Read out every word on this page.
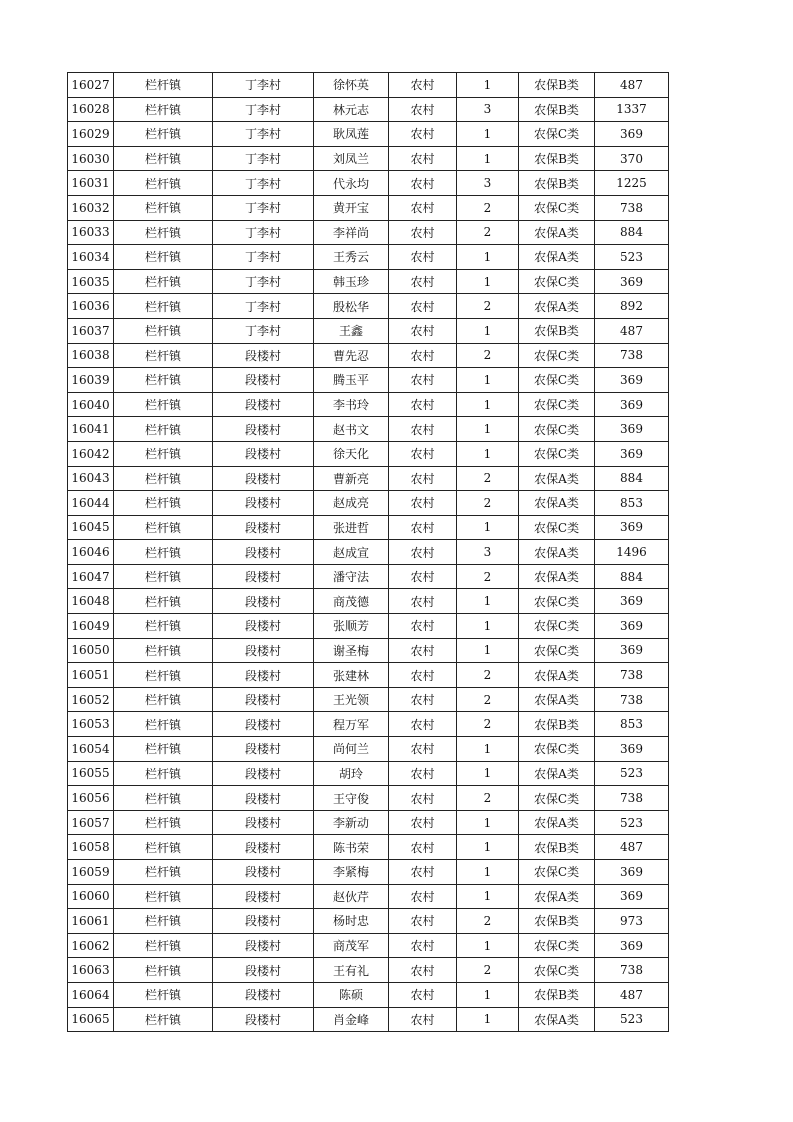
16027	栏杆镇	丁李村	徐怀英	农村	1	农保B类	487
16028	栏杆镇	丁李村	林元志	农村	3	农保B类	1337
16029	栏杆镇	丁李村	耿凤莲	农村	1	农保C类	369
16030	栏杆镇	丁李村	刘凤兰	农村	1	农保B类	370
16031	栏杆镇	丁李村	代永均	农村	3	农保B类	1225
16032	栏杆镇	丁李村	黄开宝	农村	2	农保C类	738
16033	栏杆镇	丁李村	李祥尚	农村	2	农保A类	884
16034	栏杆镇	丁李村	王秀云	农村	1	农保A类	523
16035	栏杆镇	丁李村	韩玉珍	农村	1	农保C类	369
16036	栏杆镇	丁李村	殷松华	农村	2	农保A类	892
16037	栏杆镇	丁李村	王鑫	农村	1	农保B类	487
16038	栏杆镇	段楼村	曹先忍	农村	2	农保C类	738
16039	栏杆镇	段楼村	腾玉平	农村	1	农保C类	369
16040	栏杆镇	段楼村	李书玲	农村	1	农保C类	369
16041	栏杆镇	段楼村	赵书文	农村	1	农保C类	369
16042	栏杆镇	段楼村	徐天化	农村	1	农保C类	369
16043	栏杆镇	段楼村	曹新亮	农村	2	农保A类	884
16044	栏杆镇	段楼村	赵成亮	农村	2	农保A类	853
16045	栏杆镇	段楼村	张进哲	农村	1	农保C类	369
16046	栏杆镇	段楼村	赵成宣	农村	3	农保A类	1496
16047	栏杆镇	段楼村	潘守法	农村	2	农保A类	884
16048	栏杆镇	段楼村	商茂德	农村	1	农保C类	369
16049	栏杆镇	段楼村	张顺芳	农村	1	农保C类	369
16050	栏杆镇	段楼村	谢圣梅	农村	1	农保C类	369
16051	栏杆镇	段楼村	张建林	农村	2	农保A类	738
16052	栏杆镇	段楼村	王光领	农村	2	农保A类	738
16053	栏杆镇	段楼村	程万军	农村	2	农保B类	853
16054	栏杆镇	段楼村	尚何兰	农村	1	农保C类	369
16055	栏杆镇	段楼村	胡玲	农村	1	农保A类	523
16056	栏杆镇	段楼村	王守俊	农村	2	农保C类	738
16057	栏杆镇	段楼村	李新动	农村	1	农保A类	523
16058	栏杆镇	段楼村	陈书荣	农村	1	农保B类	487
16059	栏杆镇	段楼村	李紧梅	农村	1	农保C类	369
16060	栏杆镇	段楼村	赵伙芹	农村	1	农保A类	369
16061	栏杆镇	段楼村	杨时忠	农村	2	农保B类	973
16062	栏杆镇	段楼村	商茂军	农村	1	农保C类	369
16063	栏杆镇	段楼村	王有礼	农村	2	农保C类	738
16064	栏杆镇	段楼村	陈硕	农村	1	农保B类	487
16065	栏杆镇	段楼村	肖金峰	农村	1	农保A类	523
